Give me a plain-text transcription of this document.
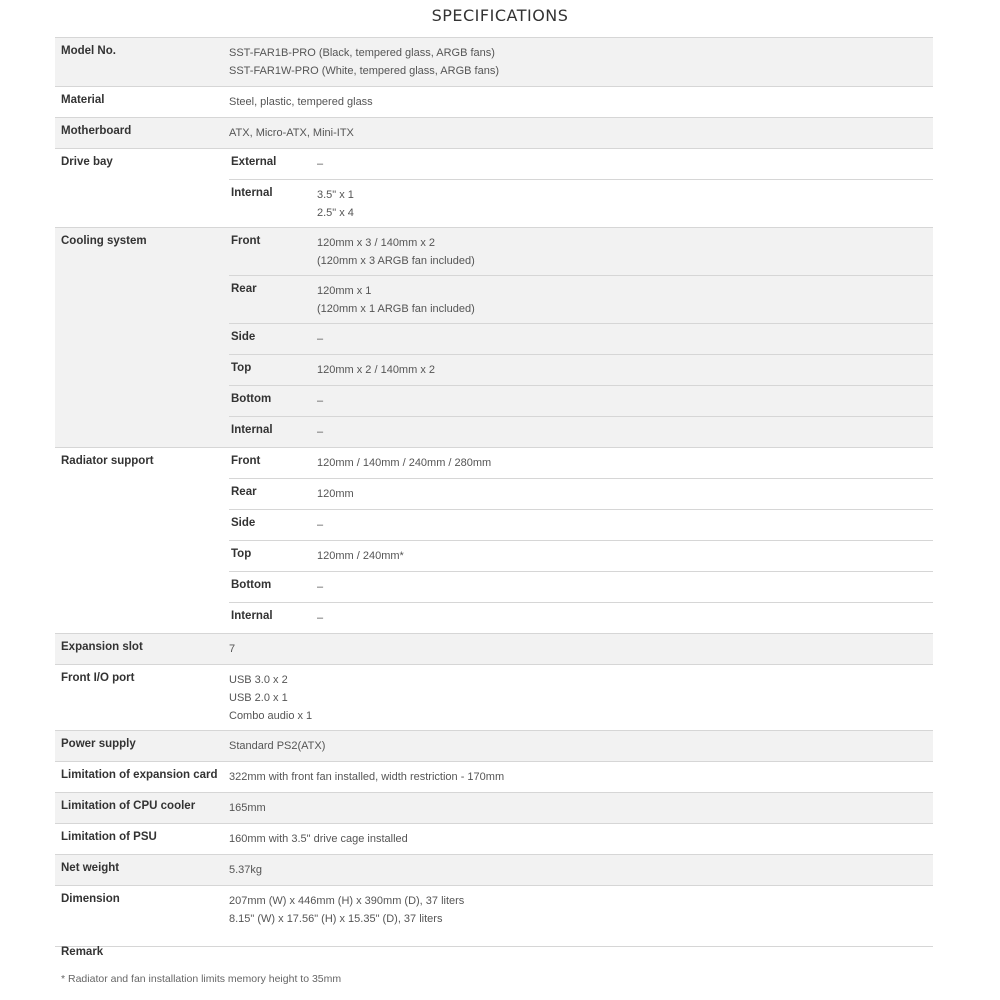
SPECIFICATIONS
Model No.	SST-FAR1B-PRO (Black, tempered glass, ARGB fans)
SST-FAR1W-PRO (White, tempered glass, ARGB fans)
Material	Steel, plastic, tempered glass
Motherboard	ATX, Micro-ATX, Mini-ITX
Drive bay	External	–
Internal	3.5" x 1
2.5" x 4
Cooling system	Front	120mm x 3 / 140mm x 2
(120mm x 3 ARGB fan included)
Rear	120mm x 1
(120mm x 1 ARGB fan included)
Side	–
Top	120mm x 2 / 140mm x 2
Bottom	–
Internal	–
Radiator support	Front	120mm / 140mm / 240mm / 280mm
Rear	120mm
Side	–
Top	120mm / 240mm*
Bottom	–
Internal	–
Expansion slot	7
Front I/O port	USB 3.0 x 2
USB 2.0 x 1
Combo audio x 1
Power supply	Standard PS2(ATX)
Limitation of expansion card	322mm with front fan installed, width restriction - 170mm
Limitation of CPU cooler	165mm
Limitation of PSU	160mm with 3.5" drive cage installed
Net weight	5.37kg
Dimension	207mm (W) x 446mm (H) x 390mm (D), 37 liters
8.15" (W) x 17.56" (H) x 15.35" (D), 37 liters
Remark
* Radiator and fan installation limits memory height to 35mm
